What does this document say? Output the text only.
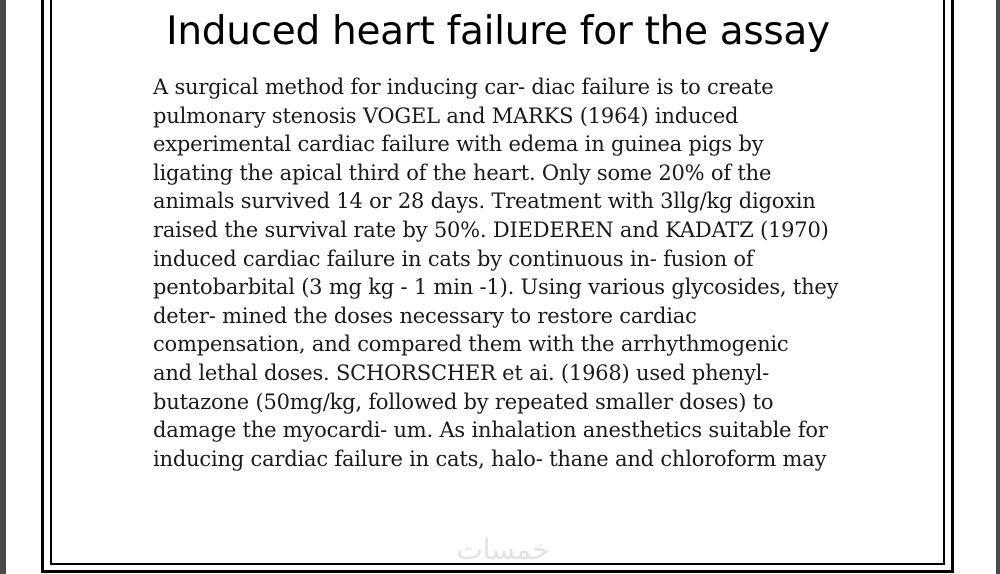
Induced heart failure for the assay
A surgical method for inducing car- diac failure is to create
pulmonary stenosis VOGEL and MARKS (1964) induced
experimental cardiac failure with edema in guinea pigs by
ligating the apical third of the heart. Only some 20% of the
animals survived 14 or 28 days. Treatment with 3llg/kg digoxin
raised the survival rate by 50%. DIEDEREN and KADATZ (1970)
induced cardiac failure in cats by continuous in- fusion of
pentobarbital (3 mg kg - 1 min -1). Using various glycosides, they
deter- mined the doses necessary to restore cardiac
compensation, and compared them with the arrhythmogenic
and lethal doses. SCHORSCHER et ai. (1968) used phenyl-
butazone (50mg/kg, followed by repeated smaller doses) to
damage the myocardi- um. As inhalation anesthetics suitable for
inducing cardiac failure in cats, halo- thane and chloroform may
خمسات
